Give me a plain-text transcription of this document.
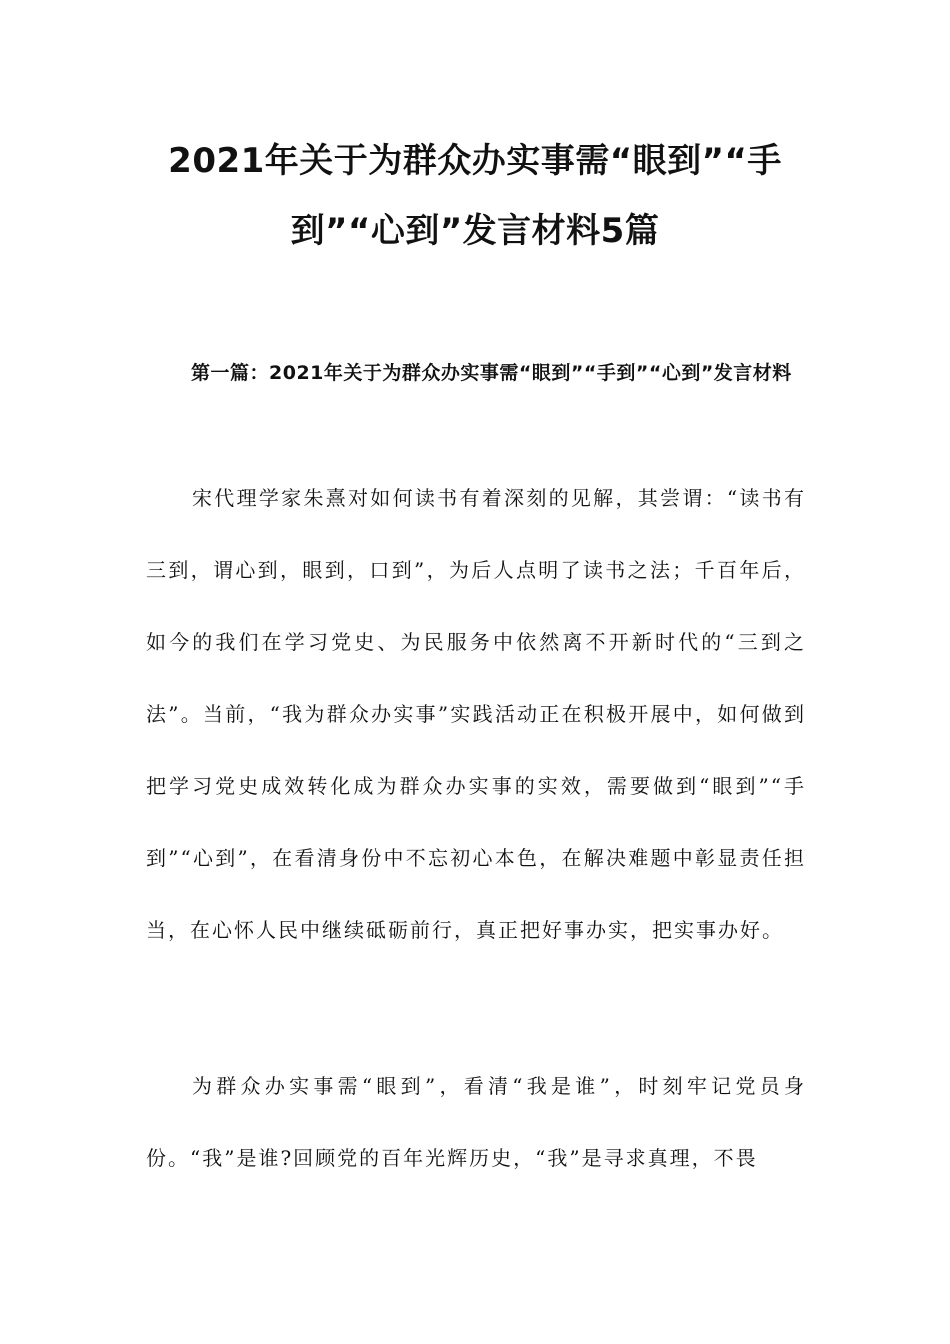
2021年关于为群众办实事需“眼到”“手到”“心到”发言材料5篇
第一篇：2021年关于为群众办实事需“眼到”“手到”“心到”发言材料

宋代理学家朱熹对如何读书有着深刻的见解，其尝谓：“读书有三到，谓心到，眼到，口到”，为后人点明了读书之法；千百年后，如今的我们在学习党史、为民服务中依然离不开新时代的“三到之法”。当前，“我为群众办实事”实践活动正在积极开展中，如何做到把学习党史成效转化成为群众办实事的实效，需要做到“眼到”“手到”“心到”，在看清身份中不忘初心本色，在解决难题中彰显责任担当，在心怀人民中继续砥砺前行，真正把好事办实，把实事办好。

为群众办实事需“眼到”，看清“我是谁”，时刻牢记党员身份。“我”是谁?回顾党的百年光辉历史，“我”是寻求真理，不畏
